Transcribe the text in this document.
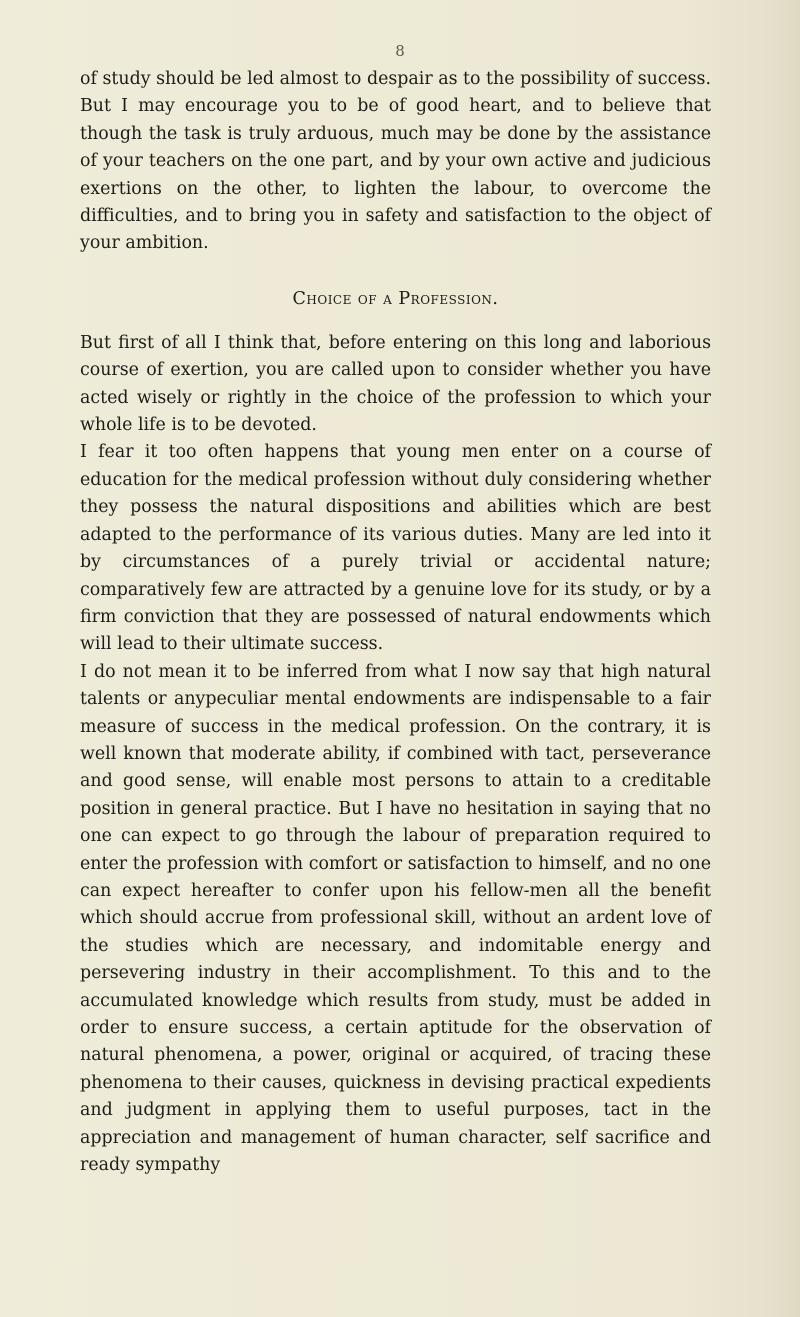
8

of study should be led almost to despair as to the possibility of success. But I may encourage you to be of good heart, and to believe that though the task is truly arduous, much may be done by the assistance of your teachers on the one part, and by your own active and judicious exertions on the other, to lighten the labour, to overcome the difficulties, and to bring you in safety and satisfaction to the object of your ambition.

Choice of a Profession.

But first of all I think that, before entering on this long and laborious course of exertion, you are called upon to consider whether you have acted wisely or rightly in the choice of the profession to which your whole life is to be devoted.

I fear it too often happens that young men enter on a course of education for the medical profession without duly considering whether they possess the natural dispositions and abilities which are best adapted to the performance of its various duties. Many are led into it by circumstances of a purely trivial or accidental nature; comparatively few are attracted by a genuine love for its study, or by a firm conviction that they are possessed of natural endowments which will lead to their ultimate success.

I do not mean it to be inferred from what I now say that high natural talents or anypeculiar mental endowments are indispensable to a fair measure of success in the medical profession. On the contrary, it is well known that moderate ability, if combined with tact, perseverance and good sense, will enable most persons to attain to a creditable position in general practice. But I have no hesitation in saying that no one can expect to go through the labour of preparation required to enter the profession with comfort or satisfaction to himself, and no one can expect hereafter to confer upon his fellow-men all the benefit which should accrue from professional skill, without an ardent love of the studies which are necessary, and indomitable energy and persevering industry in their accomplishment. To this and to the accumulated knowledge which results from study, must be added in order to ensure success, a certain aptitude for the observation of natural phenomena, a power, original or acquired, of tracing these phenomena to their causes, quickness in devising practical expedients and judgment in applying them to useful purposes, tact in the appreciation and management of human character, self sacrifice and ready sympathy
